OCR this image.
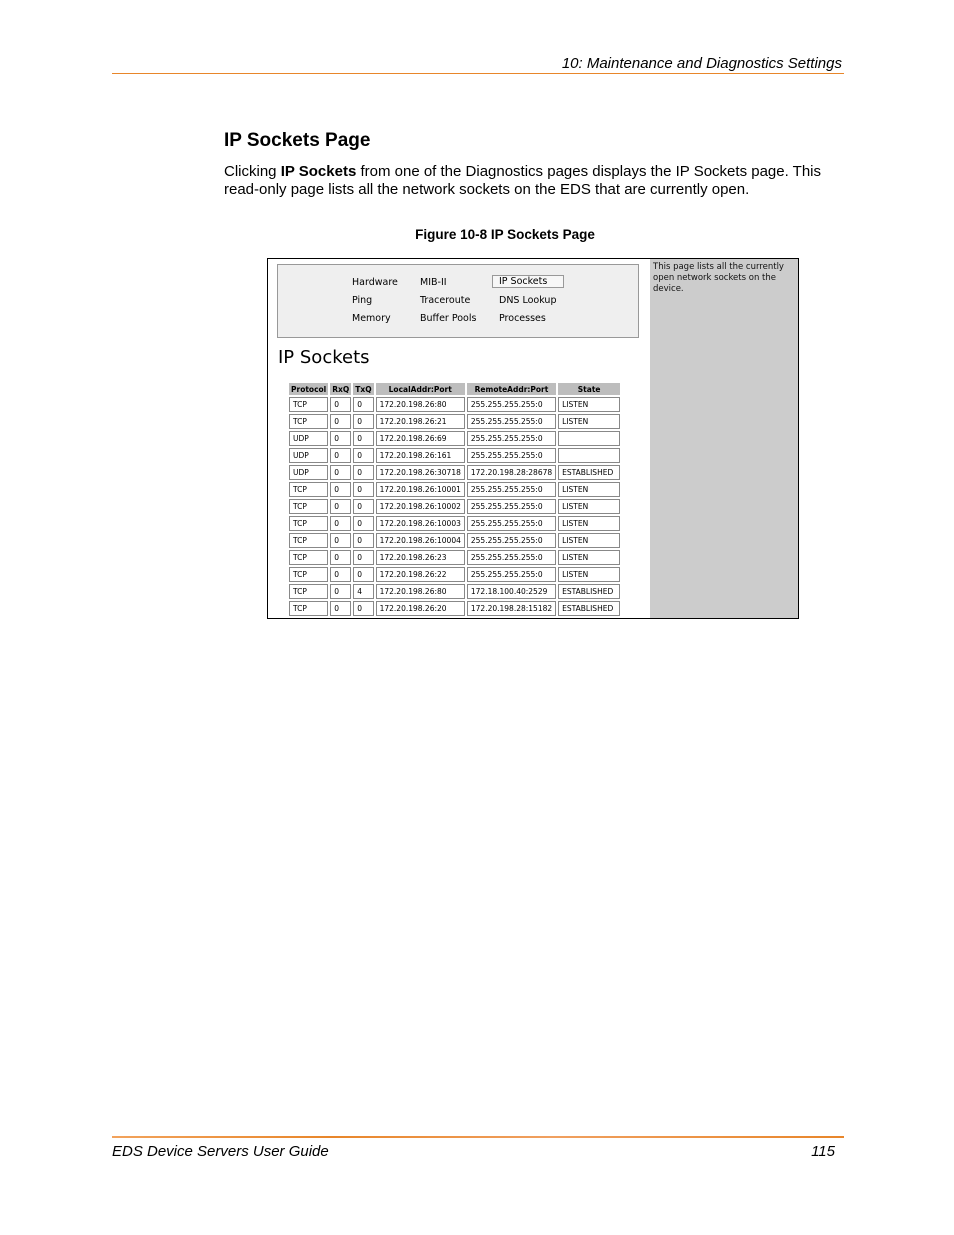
10: Maintenance and Diagnostics Settings
IP Sockets Page
Clicking IP Sockets from one of the Diagnostics pages displays the IP Sockets page. This read-only page lists all the network sockets on the EDS that are currently open.
Figure 10-8 IP Sockets Page
This page lists all the currently open network sockets on the device.
Hardware MIB-II	IP Sockets
Ping	Traceroute	DNS Lookup
Memory	Buffer Pools Processes
IP Sockets
Protocol	RxQ	TxQ	LocalAddr:Port	RemoteAddr:Port	State
TCP	0	0	172.20.198.26:80	255.255.255.255:0	LISTEN
TCP	0	0	172.20.198.26:21	255.255.255.255:0	LISTEN
UDP	0	0	172.20.198.26:69	255.255.255.255:0	
UDP	0	0	172.20.198.26:161	255.255.255.255:0	
UDP	0	0	172.20.198.26:30718	172.20.198.28:28678	ESTABLISHED
TCP	0	0	172.20.198.26:10001	255.255.255.255:0	LISTEN
TCP	0	0	172.20.198.26:10002	255.255.255.255:0	LISTEN
TCP	0	0	172.20.198.26:10003	255.255.255.255:0	LISTEN
TCP	0	0	172.20.198.26:10004	255.255.255.255:0	LISTEN
TCP	0	0	172.20.198.26:23	255.255.255.255:0	LISTEN
TCP	0	0	172.20.198.26:22	255.255.255.255:0	LISTEN
TCP	0	4	172.20.198.26:80	172.18.100.40:2529	ESTABLISHED
TCP	0	0	172.20.198.26:20	172.20.198.28:15182	ESTABLISHED
EDS Device Servers User Guide	115
